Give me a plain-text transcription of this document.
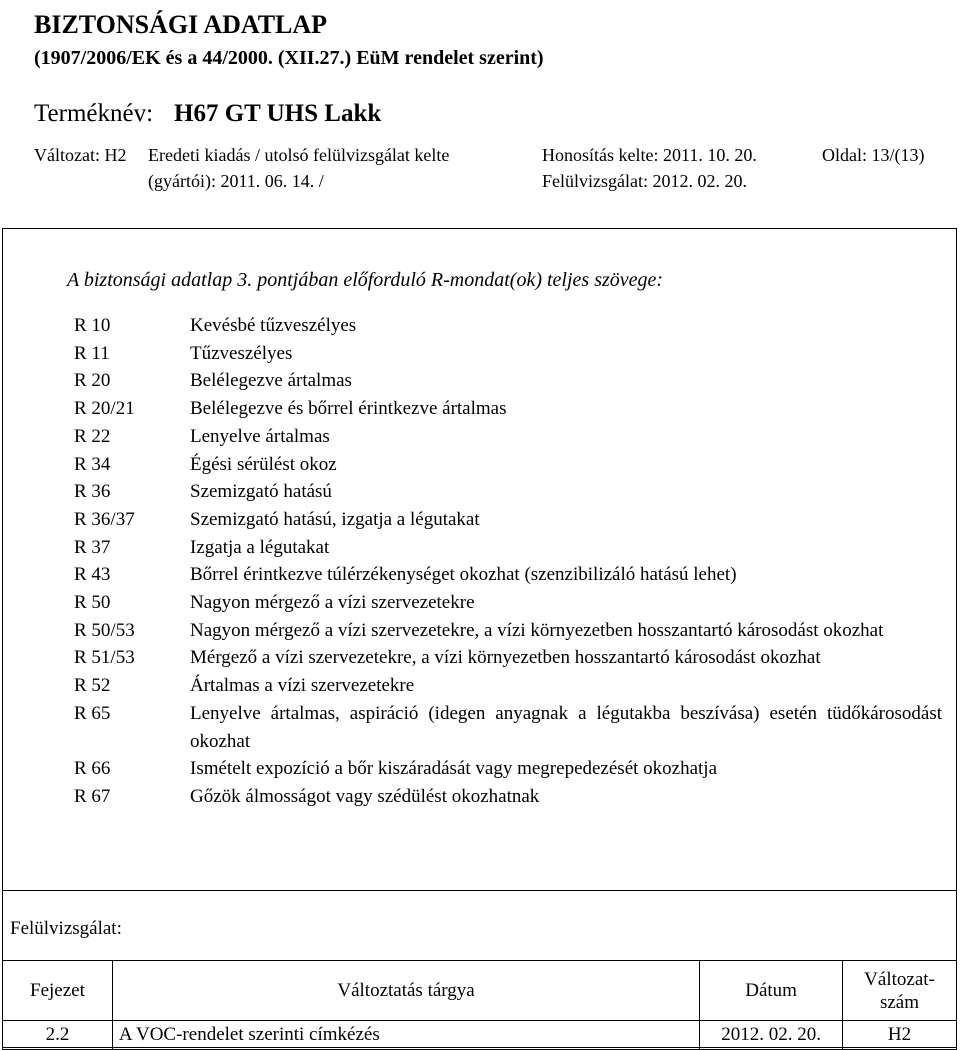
BIZTONSÁGI ADATLAP
(1907/2006/EK és a 44/2000. (XII.27.) EüM rendelet szerint)
Terméknév: H67 GT UHS Lakk
Változat: H2 Eredeti kiadás / utolsó felülvizsgálat kelte
(gyártói): 2011. 06. 14. /
Honosítás kelte: 2011. 10. 20.
Felülvizsgálat: 2012. 02. 20.
Oldal: 13/(13)
A biztonsági adatlap 3. pontjában előforduló R-mondat(ok) teljes szövege:
R 10	Kevésbé tűzveszélyes
R 11	Tűzveszélyes
R 20	Belélegezve ártalmas
R 20/21	Belélegezve és bőrrel érintkezve ártalmas
R 22	Lenyelve ártalmas
R 34	Égési sérülést okoz
R 36	Szemizgató hatású
R 36/37	Szemizgató hatású, izgatja a légutakat
R 37	Izgatja a légutakat
R 43	Bőrrel érintkezve túlérzékenységet okozhat (szenzibilizáló hatású lehet)
R 50	Nagyon mérgező a vízi szervezetekre
R 50/53	Nagyon mérgező a vízi szervezetekre, a vízi környezetben hosszantartó károsodást okozhat
R 51/53	Mérgező a vízi szervezetekre, a vízi környezetben hosszantartó károsodást okozhat
R 52	Ártalmas a vízi szervezetekre
R 65	Lenyelve ártalmas, aspiráció (idegen anyagnak a légutakba beszívása) esetén tüdőkárosodást okozhat
R 66	Ismételt expozíció a bőr kiszáradását vagy megrepedezését okozhatja
R 67	Gőzök álmosságot vagy szédülést okozhatnak
Felülvizsgálat:
Fejezet	Változtatás tárgya	Dátum	Változat-
szám
2.2	A VOC-rendelet szerinti címkézés	2012. 02. 20.	H2
